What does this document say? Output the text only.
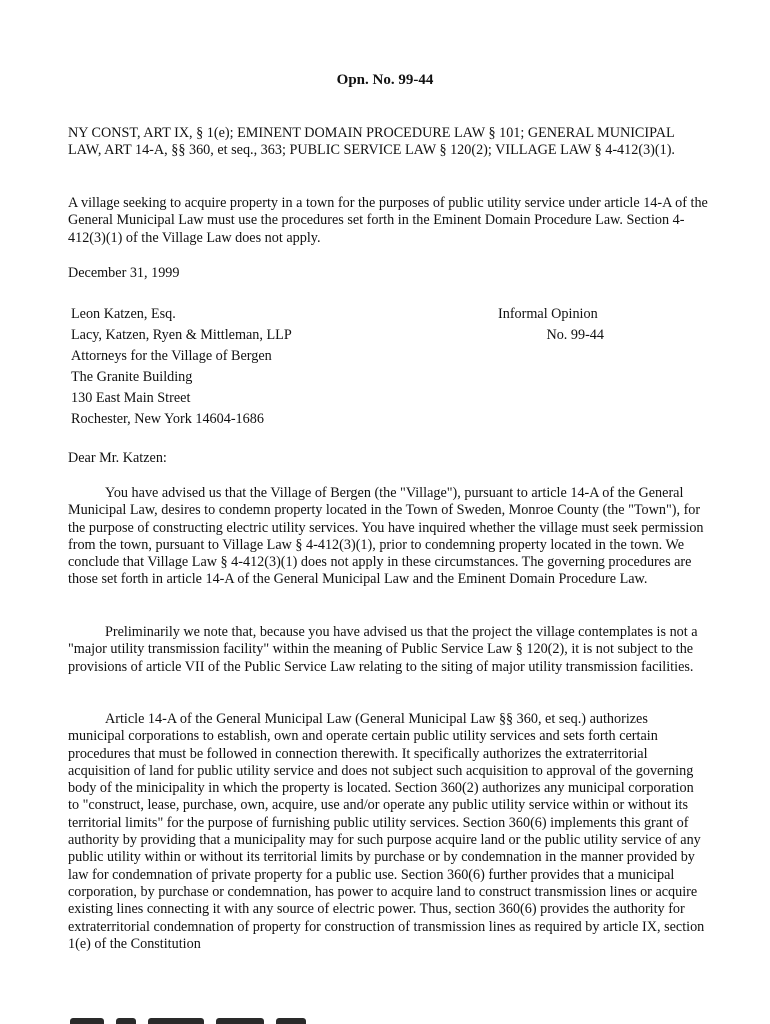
Opn. No. 99-44

NY CONST, ART IX, § 1(e); EMINENT DOMAIN PROCEDURE LAW § 101; GENERAL MUNICIPAL LAW, ART 14-A, §§ 360, et seq., 363; PUBLIC SERVICE LAW § 120(2); VILLAGE LAW § 4-412(3)(1).

A village seeking to acquire property in a town for the purposes of public utility service under article 14-A of the General Municipal Law must use the procedures set forth in the Eminent Domain Procedure Law. Section 4-412(3)(1) of the Village Law does not apply.

December 31, 1999

Leon Katzen, Esq.
Lacy, Katzen, Ryen & Mittleman, LLP
Attorneys for the Village of Bergen
The Granite Building
130 East Main Street
Rochester, New York 14604-1686
Informal Opinion
No. 99-44

Dear Mr. Katzen:

You have advised us that the Village of Bergen (the "Village"), pursuant to article 14-A of the General Municipal Law, desires to condemn property located in the Town of Sweden, Monroe County (the "Town"), for the purpose of constructing electric utility services. You have inquired whether the village must seek permission from the town, pursuant to Village Law § 4-412(3)(1), prior to condemning property located in the town. We conclude that Village Law § 4-412(3)(1) does not apply in these circumstances. The governing procedures are those set forth in article 14-A of the General Municipal Law and the Eminent Domain Procedure Law.

Preliminarily we note that, because you have advised us that the project the village contemplates is not a "major utility transmission facility" within the meaning of Public Service Law § 120(2), it is not subject to the provisions of article VII of the Public Service Law relating to the siting of major utility transmission facilities.

Article 14-A of the General Municipal Law (General Municipal Law §§ 360, et seq.) authorizes municipal corporations to establish, own and operate certain public utility services and sets forth certain procedures that must be followed in connection therewith. It specifically authorizes the extraterritorial acquisition of land for public utility service and does not subject such acquisition to approval of the governing body of the minicipality in which the property is located. Section 360(2) authorizes any municipal corporation to "construct, lease, purchase, own, acquire, use and/or operate any public utility service within or without its territorial limits" for the purpose of furnishing public utility services. Section 360(6) implements this grant of authority by providing that a municipality may for such purpose acquire land or the public utility service of any public utility within or without its territorial limits by purchase or by condemnation in the manner provided by law for condemnation of private property for a public use. Section 360(6) further provides that a municipal corporation, by purchase or condemnation, has power to acquire land to construct transmission lines or acquire existing lines connecting it with any source of electric power. Thus, section 360(6) provides the authority for extraterritorial condemnation of property for construction of transmission lines as required by article IX, section 1(e) of the Constitution
